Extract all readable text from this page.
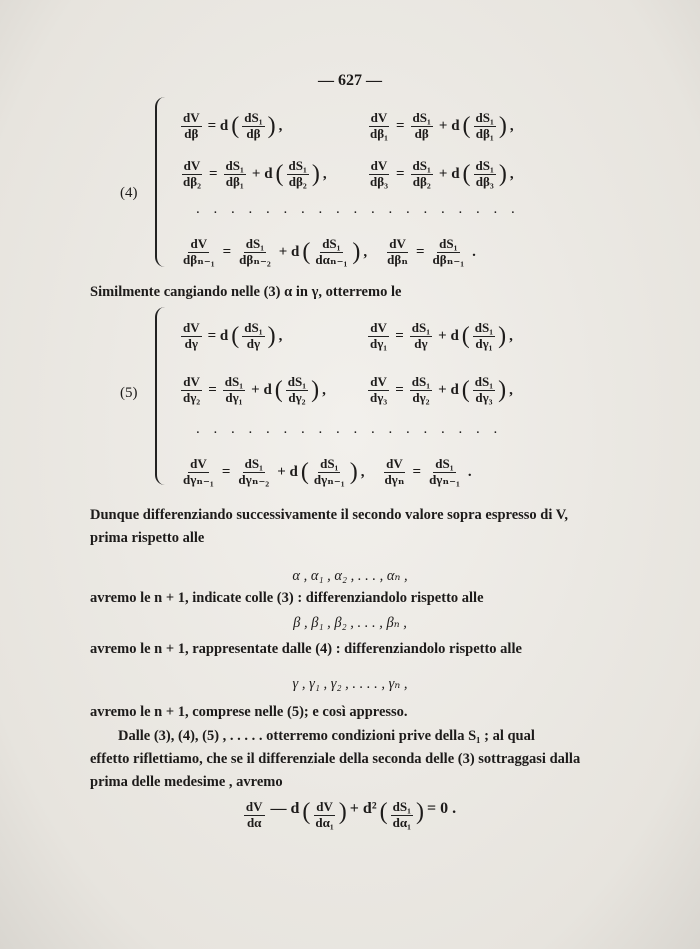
— 627 —
(4)
. . . . . . . . . . . . . . . . . . .
$\frac{dV}{d\beta} = d$ ( $\frac{\text{dS₁}}{d\beta}$ ) ,	$\frac{dV}{\text{dβ₁}} = \frac{\text{dS₁}}{d\beta} + d$ ( $\frac{\text{dS₁}}{\text{dβ₁}}$ ) ,
$\frac{dV}{\text{dβ₂}} = \frac{\text{dS₁}}{\text{dβ₁}} + d$ ( $\frac{\text{dS₁}}{\text{dβ₂}}$ ) ,	$\frac{dV}{\text{dβ₃}} = \frac{\text{dS₁}}{\text{dβ₂}} + d$ ( $\frac{\text{dS₁}}{\text{dβ₃}}$ ) ,
$\frac{dV}{\text{dβₙ₋₁}} = \frac{\text{dS₁}}{\text{dβₙ₋₂}} + d$ ( $\frac{\text{dS₁}}{\text{dαₙ₋₁}}$ ) , $\frac{dV}{\text{dβₙ}} = \frac{\text{dS₁}}{\text{dβₙ₋₁}}$ .
Similmente cangiando nelle (3) α in γ, otterremo le
(5)
. . . . . . . . . . . . . . . . . .
$\frac{dV}{d\gamma} = d$ ( $\frac{\text{dS₁}}{d\gamma}$ ) ,	$\frac{dV}{\text{dγ₁}} = \frac{\text{dS₁}}{d\gamma} + d$ ( $\frac{\text{dS₁}}{\text{dγ₁}}$ ) ,
$\frac{dV}{\text{dγ₂}} = \frac{\text{dS₁}}{\text{dγ₁}} + d$ ( $\frac{\text{dS₁}}{\text{dγ₂}}$ ) ,	$\frac{dV}{\text{dγ₃}} = \frac{\text{dS₁}}{\text{dγ₂}} + d$ ( $\frac{\text{dS₁}}{\text{dγ₃}}$ ) ,
$\frac{dV}{\text{dγₙ₋₁}} = \frac{\text{dS₁}}{\text{dγₙ₋₂}} + d$ ( $\frac{\text{dS₁}}{\text{dγₙ₋₁}}$ ) , $\frac{dV}{\text{dγₙ}} = \frac{\text{dS₁}}{\text{dγₙ₋₁}}$ .
Dunque differenziando successivamente il secondo valore sopra espresso di V,
prima rispetto alle
α , α₁ , α₂ , . . . , αₙ ,
avremo le n + 1, indicate colle (3) : differenziandolo rispetto alle
β , β₁ , β₂ , . . . , βₙ ,
avremo le n + 1, rappresentate dalle (4) : differenziandolo rispetto alle
γ , γ₁ , γ₂ , . . . . , γₙ ,
avremo le n + 1, comprese nelle (5); e così appresso.
Dalle (3), (4), (5) , . . . . . otterremo condizioni prive della S₁ ; al qual
effetto riflettiamo, che se il differenziale della seconda delle (3) sottraggasi dalla
prima delle medesime , avremo
$\frac{dV}{d\alpha}$ — d ( $\frac{dV}{\text{dα₁}}$ ) + d² ( $\frac{\text{dS₁}}{\text{dα₁}}$ ) = 0 .
